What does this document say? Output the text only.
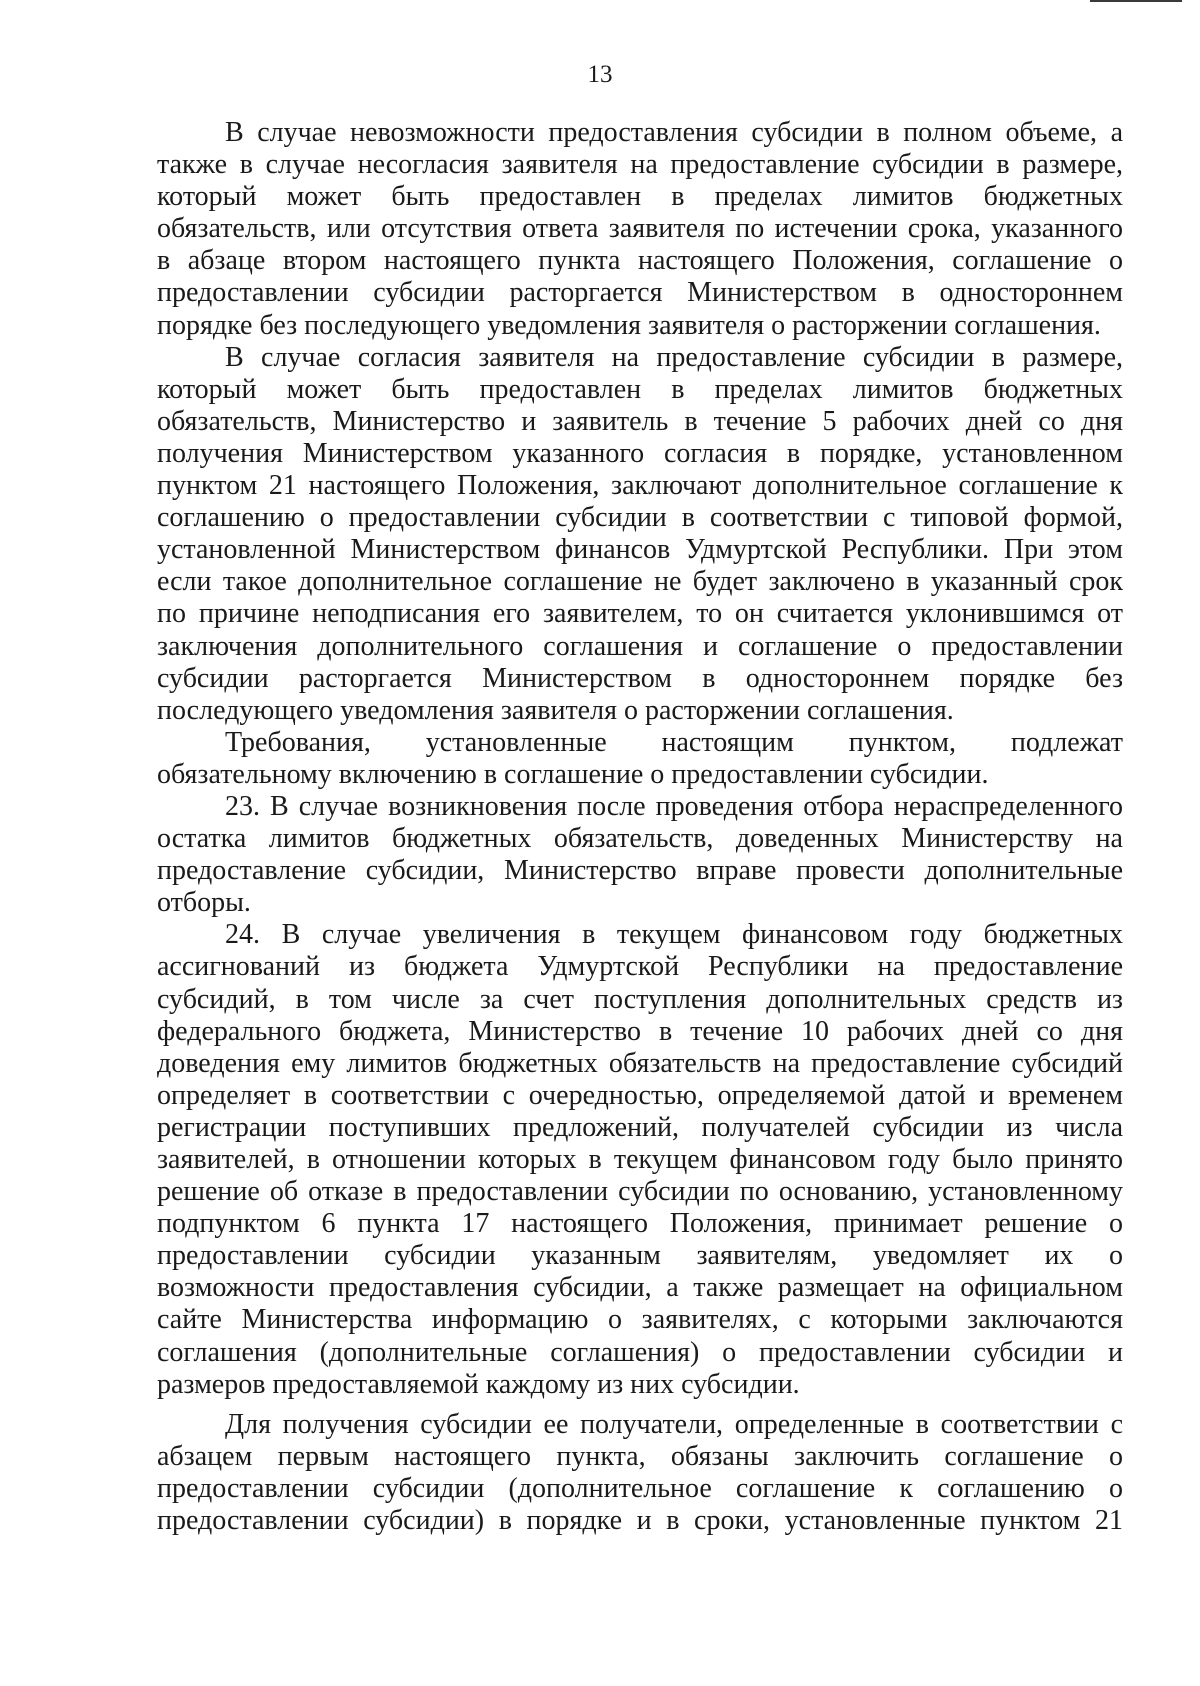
13
В случае невозможности предоставления субсидии в полном объеме, а
также в случае несогласия заявителя на предоставление субсидии в размере,
который может быть предоставлен в пределах лимитов бюджетных
обязательств, или отсутствия ответа заявителя по истечении срока, указанного
в абзаце втором настоящего пункта настоящего Положения, соглашение о
предоставлении субсидии расторгается Министерством в одностороннем
порядке без последующего уведомления заявителя о расторжении соглашения.
В случае согласия заявителя на предоставление субсидии в размере,
который может быть предоставлен в пределах лимитов бюджетных
обязательств, Министерство и заявитель в течение 5 рабочих дней со дня
получения Министерством указанного согласия в порядке, установленном
пунктом 21 настоящего Положения, заключают дополнительное соглашение к
соглашению о предоставлении субсидии в соответствии с типовой формой,
установленной Министерством финансов Удмуртской Республики. При этом
если такое дополнительное соглашение не будет заключено в указанный срок
по причине неподписания его заявителем, то он считается уклонившимся от
заключения дополнительного соглашения и соглашение о предоставлении
субсидии расторгается Министерством в одностороннем порядке без
последующего уведомления заявителя о расторжении соглашения.
Требования, установленные настоящим пунктом, подлежат
обязательному включению в соглашение о предоставлении субсидии.
23. В случае возникновения после проведения отбора нераспределенного
остатка лимитов бюджетных обязательств, доведенных Министерству на
предоставление субсидии, Министерство вправе провести дополнительные
отборы.
24. В случае увеличения в текущем финансовом году бюджетных
ассигнований из бюджета Удмуртской Республики на предоставление
субсидий, в том числе за счет поступления дополнительных средств из
федерального бюджета, Министерство в течение 10 рабочих дней со дня
доведения ему лимитов бюджетных обязательств на предоставление субсидий
определяет в соответствии с очередностью, определяемой датой и временем
регистрации поступивших предложений, получателей субсидии из числа
заявителей, в отношении которых в текущем финансовом году было принято
решение об отказе в предоставлении субсидии по основанию, установленному
подпунктом 6 пункта 17 настоящего Положения, принимает решение о
предоставлении субсидии указанным заявителям, уведомляет их о
возможности предоставления субсидии, а также размещает на официальном
сайте Министерства информацию о заявителях, с которыми заключаются
соглашения (дополнительные соглашения) о предоставлении субсидии и
размеров предоставляемой каждому из них субсидии.
Для получения субсидии ее получатели, определенные в соответствии с
абзацем первым настоящего пункта, обязаны заключить соглашение о
предоставлении субсидии (дополнительное соглашение к соглашению о
предоставлении субсидии) в порядке и в сроки, установленные пунктом 21
